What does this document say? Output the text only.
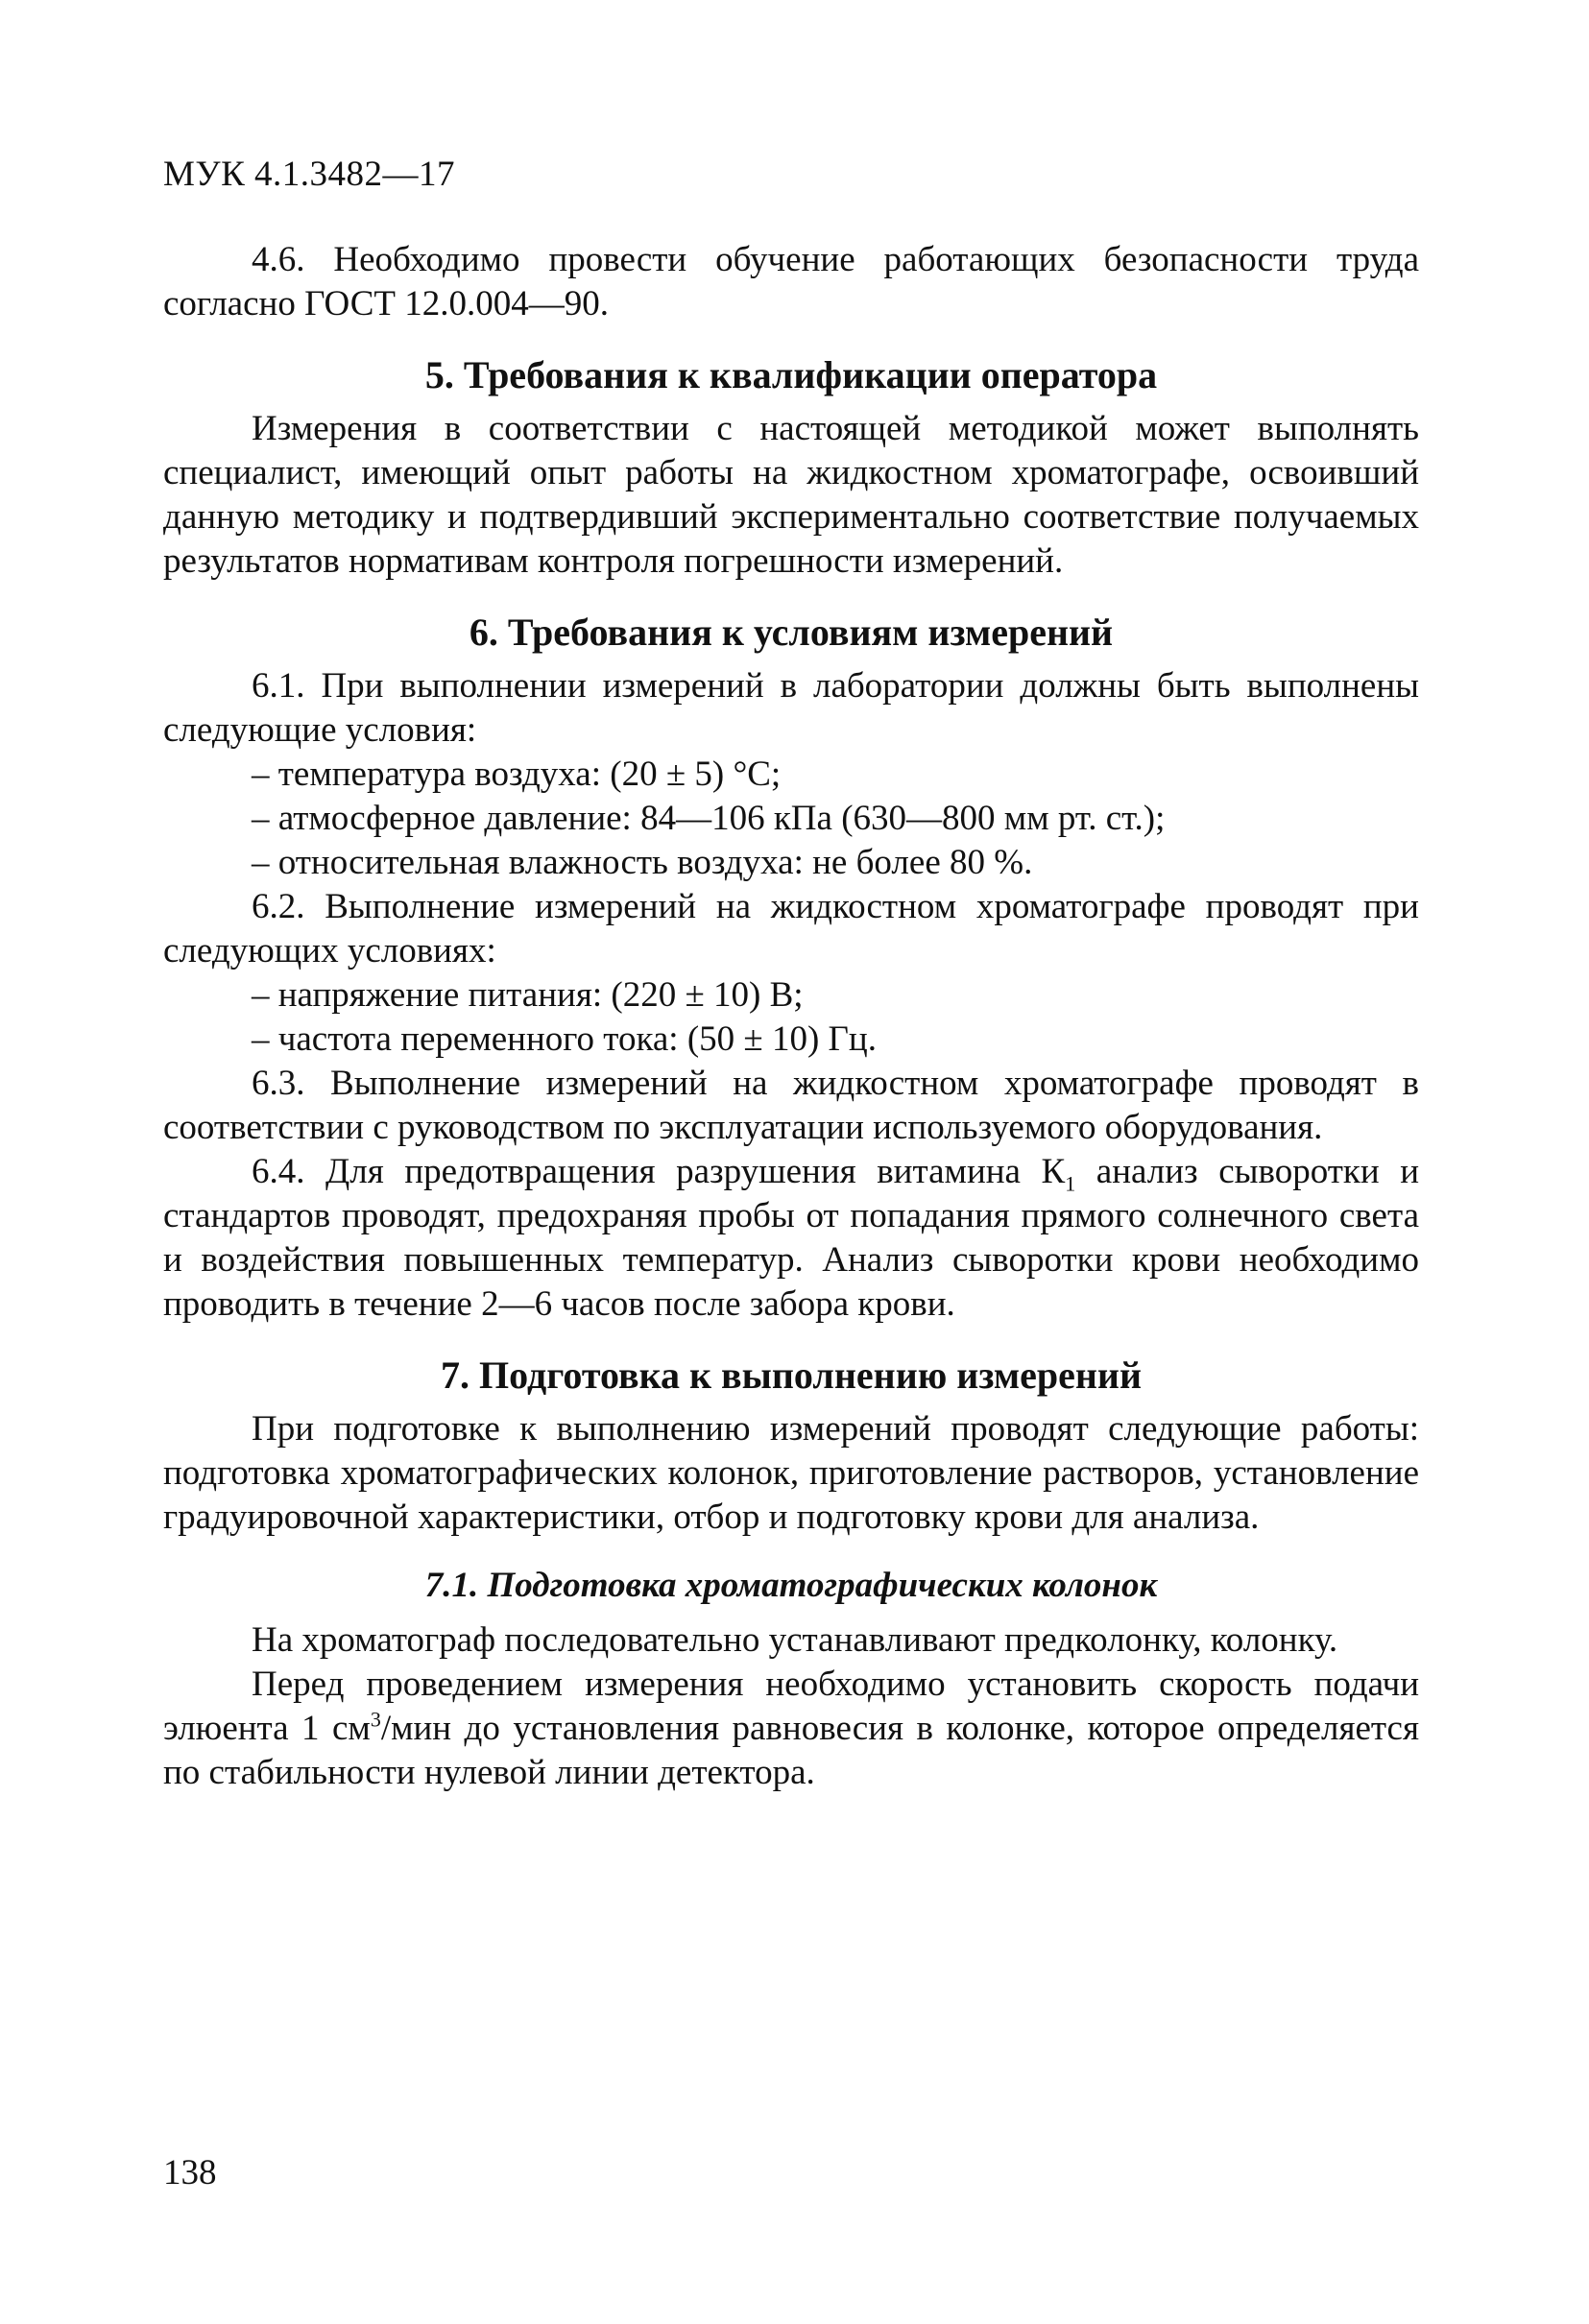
МУК 4.1.3482—17

4.6. Необходимо провести обучение работающих безопасности труда согласно ГОСТ 12.0.004—90.

5. Требования к квалификации оператора

Измерения в соответствии с настоящей методикой может выполнять специалист, имеющий опыт работы на жидкостном хроматографе, освоивший данную методику и подтвердивший экспериментально соответствие получаемых результатов нормативам контроля погрешности измерений.

6. Требования к условиям измерений

6.1. При выполнении измерений в лаборатории должны быть выполнены следующие условия:

– температура воздуха: (20 ± 5) °С;

– атмосферное давление: 84—106 кПа (630—800 мм рт. ст.);

– относительная влажность воздуха: не более 80 %.

6.2. Выполнение измерений на жидкостном хроматографе проводят при следующих условиях:

– напряжение питания: (220 ± 10) В;

– частота переменного тока: (50 ± 10) Гц.

6.3. Выполнение измерений на жидкостном хроматографе проводят в соответствии с руководством по эксплуатации используемого оборудования.

6.4. Для предотвращения разрушения витамина $К_1$ анализ сыворотки и стандартов проводят, предохраняя пробы от попадания прямого солнечного света и воздействия повышенных температур. Анализ сыворотки крови необходимо проводить в течение 2—6 часов после забора крови.

7. Подготовка к выполнению измерений

При подготовке к выполнению измерений проводят следующие работы: подготовка хроматографических колонок, приготовление растворов, установление градуировочной характеристики, отбор и подготовку крови для анализа.

7.1. Подготовка хроматографических колонок

На хроматограф последовательно устанавливают предколонку, колонку.

Перед проведением измерения необходимо установить скорость подачи элюента 1 $см^3$/мин до установления равновесия в колонке, которое определяется по стабильности нулевой линии детектора.

138
